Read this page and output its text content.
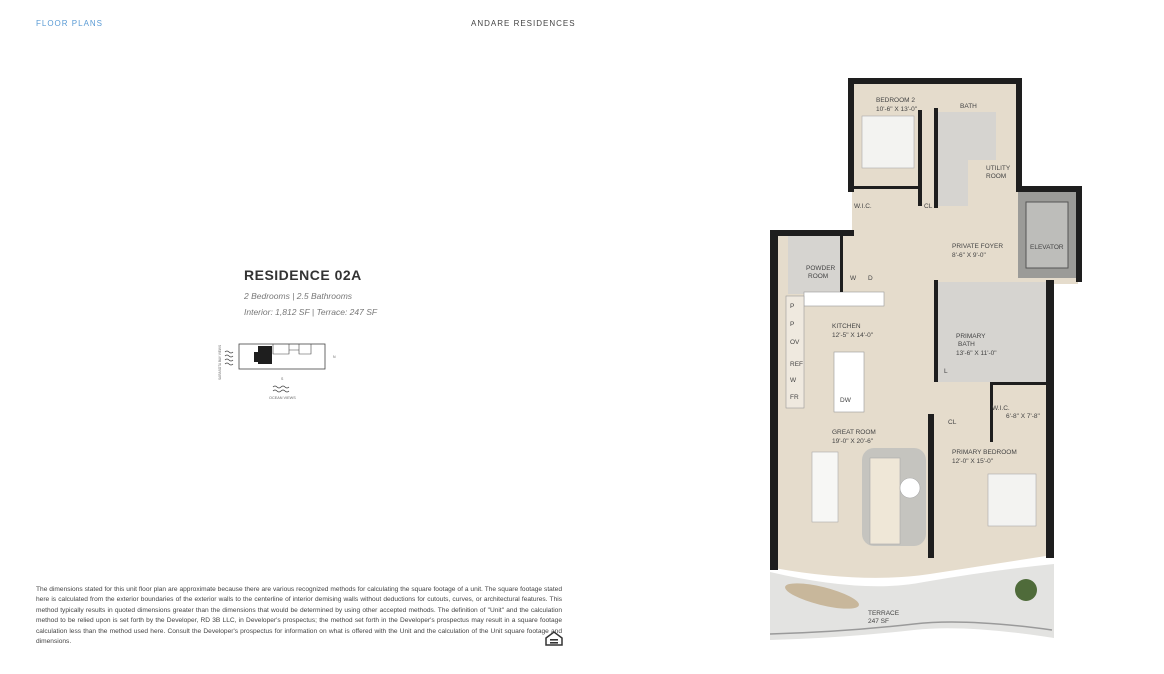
FLOOR PLANS	ANDARE RESIDENCES
RESIDENCE 02A
2 Bedrooms | 2.5 Bathrooms
Interior: 1,812 SF | Terrace: 247 SF
SARASOTA BAY VIEWS	N
S
OCEAN VIEWS
The dimensions stated for this unit floor plan are approximate because there are various recognized methods for calculating the square footage of a unit. The square footage stated here is calculated from the exterior boundaries of the exterior walls to the centerline of interior demising walls without deductions for cutouts, curves, or architectural features. This method typically results in quoted dimensions greater than the dimensions that would be determined by using other accepted methods. The definition of "Unit" and the calculation method to be relied upon is set forth by the Developer, RD 3B LLC, in Developer's prospectus; the method set forth in the Developer's prospectus may result in a square footage calculation less than the method used here. Consult the Developer's prospectus for information on what is offered with the Unit and the calculation of the Unit square footage and dimensions.
BEDROOM 2
10'-6" X 13'-0"	BATH
UTILITY
ROOM
W.I.C.	CL
PRIVATE FOYER
8'-6" X 9'-0"
ELEVATOR
POWDER
ROOM	W D
KITCHEN
12'-5" X 14'-0"
P
P
OV
REF
W
FR	DW
PRIMARY
BATH
13'-6" X 11'-0"
L
W.I.C.
6'-8" X 7'-8"
CL
GREAT ROOM
19'-0" X 20'-6"
PRIMARY BEDROOM
12'-0" X 15'-0"
TERRACE
247 SF
